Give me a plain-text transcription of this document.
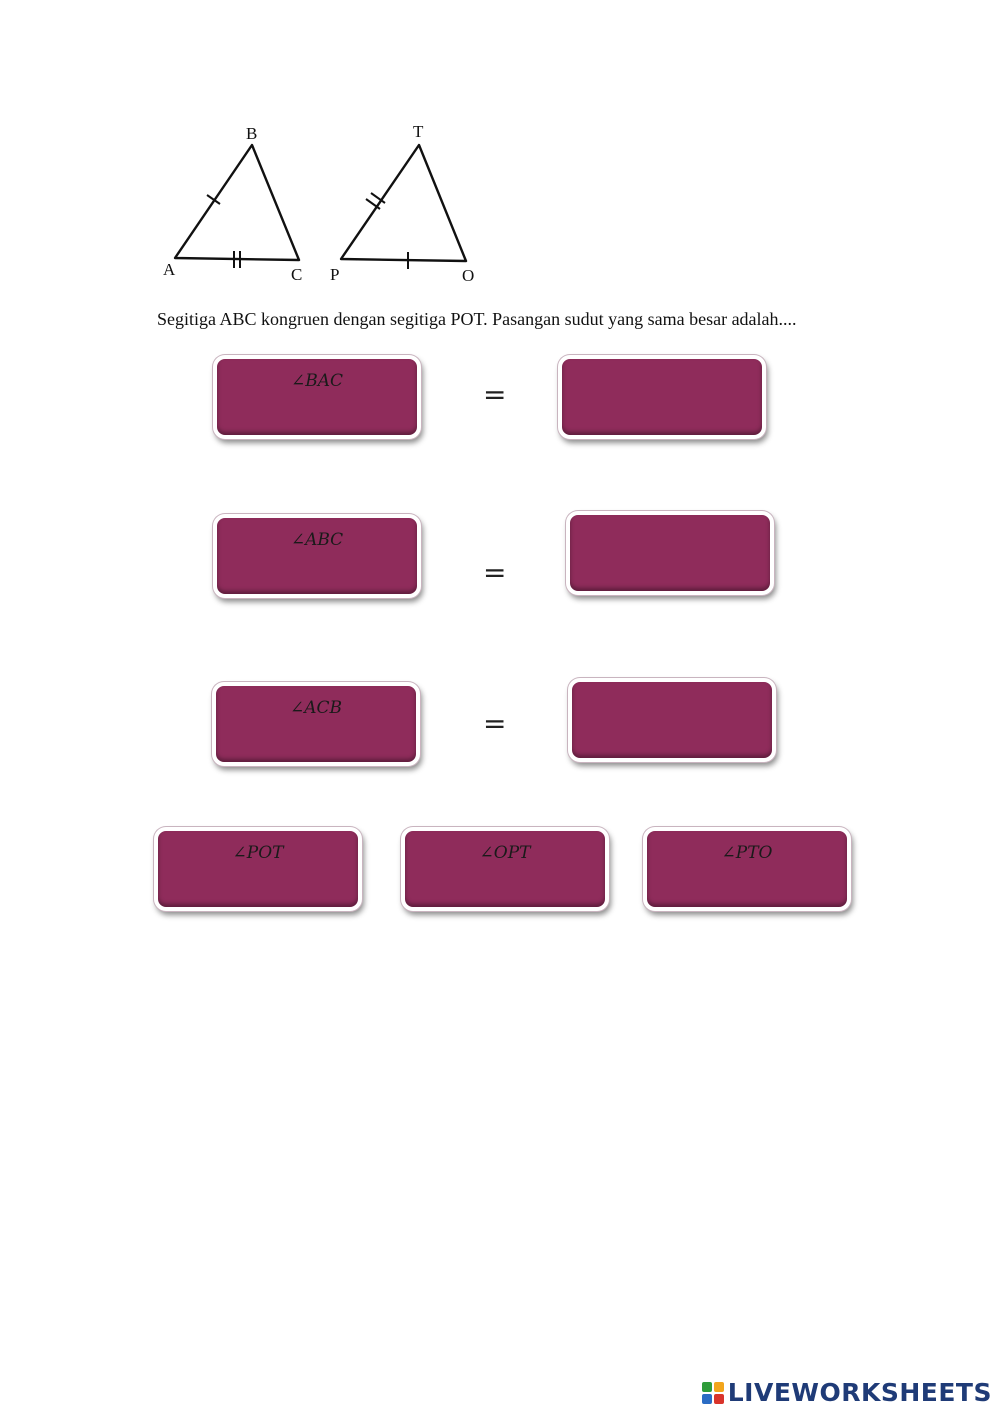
A
B
C P
T
O
Segitiga ABC kongruen dengan segitiga POT. Pasangan sudut yang sama besar adalah....
∠BAC	=
∠ABC
=
∠ACB	=
∠POT	∠OPT	∠PTO
LIVEWORKSHEETS
